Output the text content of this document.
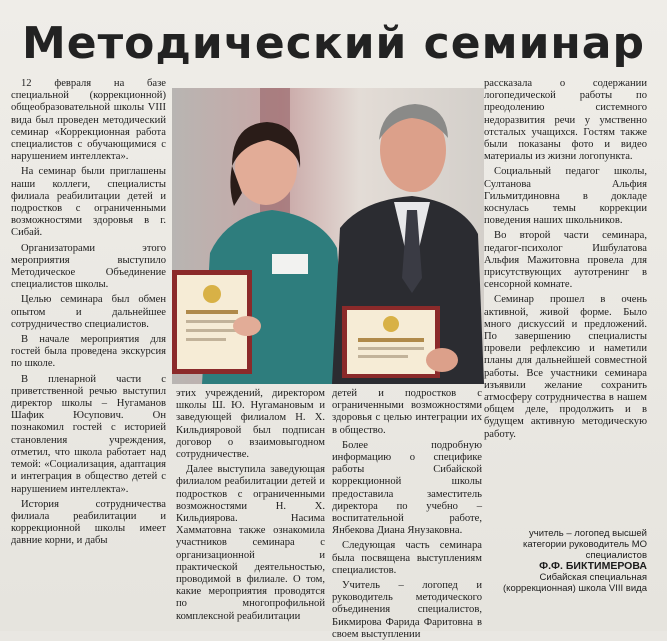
Методический семинар

12 февраля на базе специальной (коррекционной) общеобразовательной школы VIII вида был проведен методический семинар «Коррекционная работа специалистов с обучающимися с нарушением интеллекта».

На семинар были приглашены наши коллеги, специалисты филиала реабилитации детей и подростков с ограниченными возможностями здоровья в г. Сибай.

Организаторами этого мероприятия выступило Методическое Объединение специалистов школы.

Целью семинара был обмен опытом и дальнейшее сотрудничество специалистов.

В начале мероприятия для гостей была проведена экскурсия по школе.

В пленарной части с приветственной речью выступил директор школы – Нугаманов Шафик Юсупович. Он познакомил гостей с историей становления учреждения, отметил, что школа работает над темой: «Социализация, адаптация и интеграция в общество детей с нарушением интеллекта».

История сотрудничества филиала реабилитации и коррекционной школы имеет давние корни, и дабы

этих учреждений, директором школы Ш. Ю. Нугамановым и заведующей филиалом Н. Х. Кильдияровой был подписан договор о взаимовыгодном сотрудничестве.

Далее выступила заведующая филиалом реабилитации детей и подростков с ограниченными возможностями Н. Х. Кильдиярова. Насима Хамматовна также ознакомила участников семинара с организационной и практической деятельностью, проводимой в филиале. О том, какие мероприятия проводятся по многопрофильной комплексной реабилитации

детей и подростков с ограниченными возможностями здоровья с целью интеграции их в общество.

Более подробную информацию о специфике работы Сибайской коррекционной школы предоставила заместитель директора по учебно – воспитательной работе, Янбекова Диана Янузаковна.

Следующая часть семинара была посвящена выступлениям специалистов.

Учитель – логопед и руководитель методического объединения специалистов, Бикмирова Фарида Фаритовна в своем выступлении

рассказала о содержании логопедической работы по преодолению системного недоразвития речи у умственно отсталых учащихся. Гостям также были показаны фото и видео материалы из жизни логопункта.

Социальный педагог школы, Султанова Альфия Гильмитдиновна в докладе коснулась темы коррекции поведения наших школьников.

Во второй части семинара, педагог-психолог Ишбулатова Альфия Мажитовна провела для присутствующих аутотренинг в сенсорной комнате.

Семинар прошел в очень активной, живой форме. Было много дискуссий и предложений. По завершению специалисты провели рефлексию и наметили планы для дальнейшей совместной работы. Все участники семинара изъявили желание сохранить атмосферу сотрудничества в нашем общем деле, продолжить и в будущем активную методическую работу.

учитель – логопед высшей категории руководитель МО специалистов
Ф.Ф. БИКТИМЕРОВА
Сибайская специальная (коррекционная) школа VIII вида
